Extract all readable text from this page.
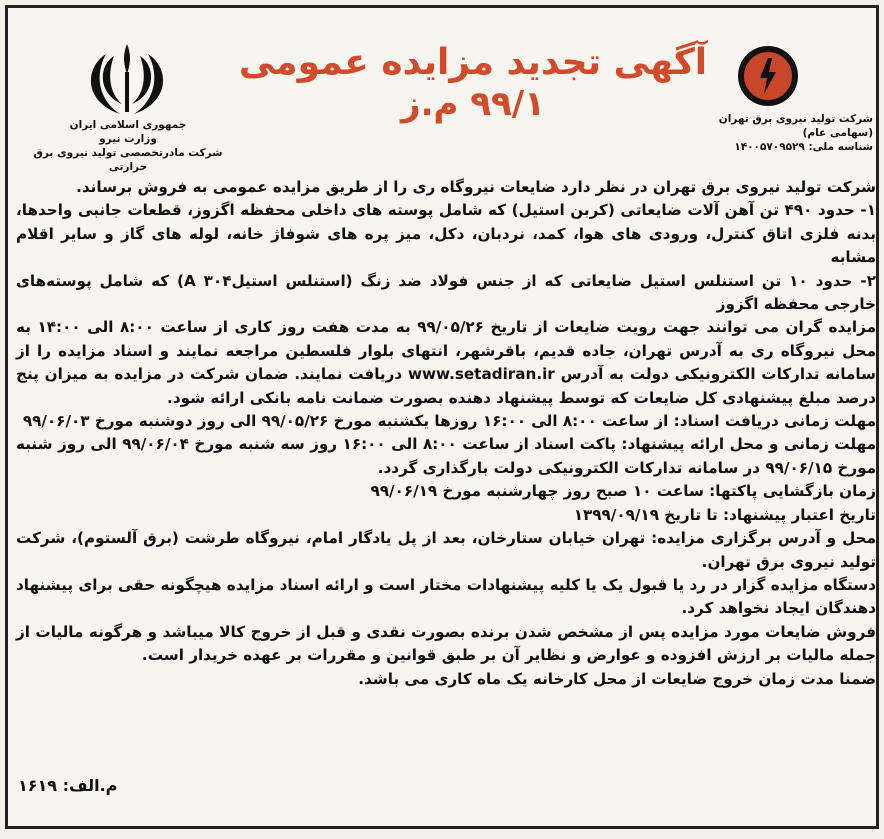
جمهوری اسلامی ایران
وزارت نیرو
شرکت مادرتخصصی تولید نیروی برق حرارتی
آگهی تجدید مزایده عمومی
۹۹/۱ م.ز	شرکت تولید نیروی برق تهران
(سهامی عام)
شناسه ملی: ۱۴۰۰۵۷۰۹۵۲۹

شرکت تولید نیروی برق تهران در نظر دارد ضایعات نیروگاه ری را از طریق مزایده عمومی به فروش برساند.

۱- حدود ۴۹۰ تن آهن آلات ضایعاتی (کربن استیل) که شامل پوسته های داخلی محفظه اگزوز، قطعات جانبی واحدها، بدنه فلزی اتاق کنترل، ورودی های هوا، کمد، نردبان، دکل، میز پره های شوفاژ خانه، لوله های گاز و سایر اقلام مشابه

۲- حدود ۱۰ تن استنلس استیل ضایعاتی که از جنس فولاد ضد زنگ (استنلس استیل۳۰۴ A) که شامل پوسته‌های خارجی محفظه اگزوز

مزایده گران می توانند جهت رویت ضایعات از تاریخ ۹۹/۰۵/۲۶ به مدت هفت روز کاری از ساعت ۸:۰۰ الی ۱۴:۰۰ به محل نیروگاه ری به آدرس تهران، جاده قدیم، باقرشهر، انتهای بلوار فلسطین مراجعه نمایند و اسناد مزایده را از سامانه تدارکات الکترونیکی دولت به آدرس www.setadiran.ir دریافت نمایند. ضمان شرکت در مزایده به میزان پنج درصد مبلغ پیشنهادی کل ضایعات که توسط پیشنهاد دهنده بصورت ضمانت نامه بانکی ارائه شود.

مهلت زمانی دریافت اسناد: از ساعت ۸:۰۰ الی ۱۶:۰۰ روزها یکشنبه مورخ ۹۹/۰۵/۲۶ الی روز دوشنبه مورخ ۹۹/۰۶/۰۳

مهلت زمانی و محل ارائه پیشنهاد: پاکت اسناد از ساعت ۸:۰۰ الی ۱۶:۰۰ روز سه شنبه مورخ ۹۹/۰۶/۰۴ الی روز شنبه مورخ ۹۹/۰۶/۱۵ در سامانه تدارکات الکترونیکی دولت بارگذاری گردد.

زمان بازگشایی پاکتها: ساعت ۱۰ صبح روز چهارشنبه مورخ ۹۹/۰۶/۱۹

تاریخ اعتبار پیشنهاد: تا تاریخ ۱۳۹۹/۰۹/۱۹

محل و آدرس برگزاری مزایده: تهران خیابان ستارخان، بعد از پل یادگار امام، نیروگاه طرشت (برق آلستوم)، شرکت تولید نیروی برق تهران.

دستگاه مزایده گزار در رد یا قبول یک یا کلیه پیشنهادات مختار است و ارائه اسناد مزایده هیچگونه حقی برای پیشنهاد دهندگان ایجاد نخواهد کرد.

فروش ضایعات مورد مزایده پس از مشخص شدن برنده بصورت نقدی و قبل از خروج کالا میباشد و هرگونه مالیات از جمله مالیات بر ارزش افزوده و عوارض و نظایر آن بر طبق قوانین و مقررات بر عهده خریدار است.

ضمنا مدت زمان خروج ضایعات از محل کارخانه یک ماه کاری می باشد.

م.الف: ۱۶۱۹
